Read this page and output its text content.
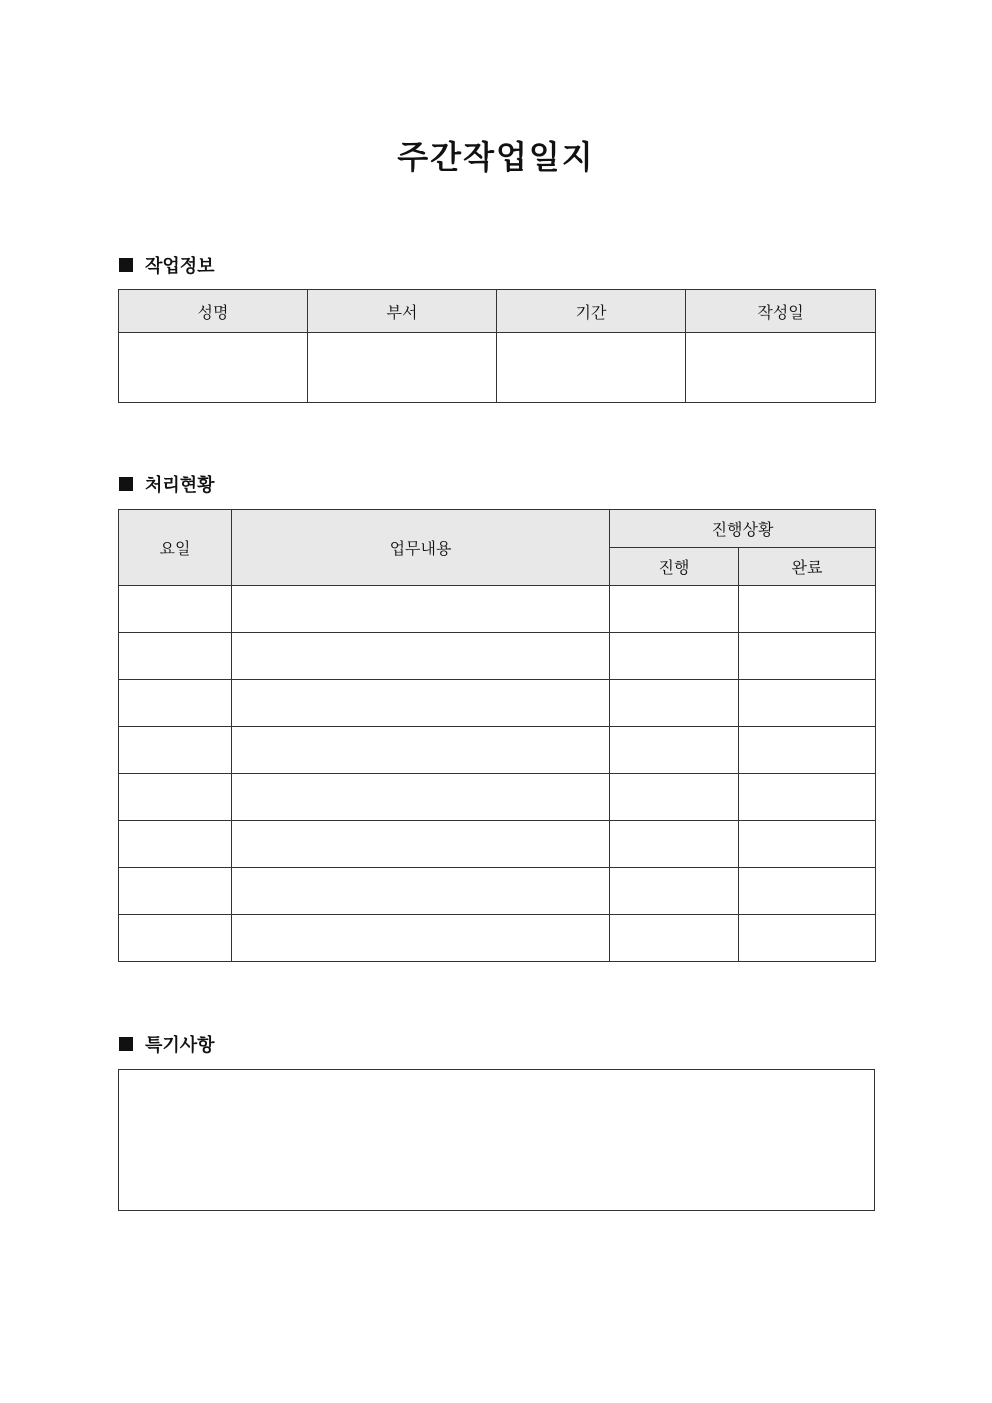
주간작업일지
작업정보
성명	부서	기간	작성일

처리현황
요일	업무내용	진행상황	
		진행	완료

특기사항
